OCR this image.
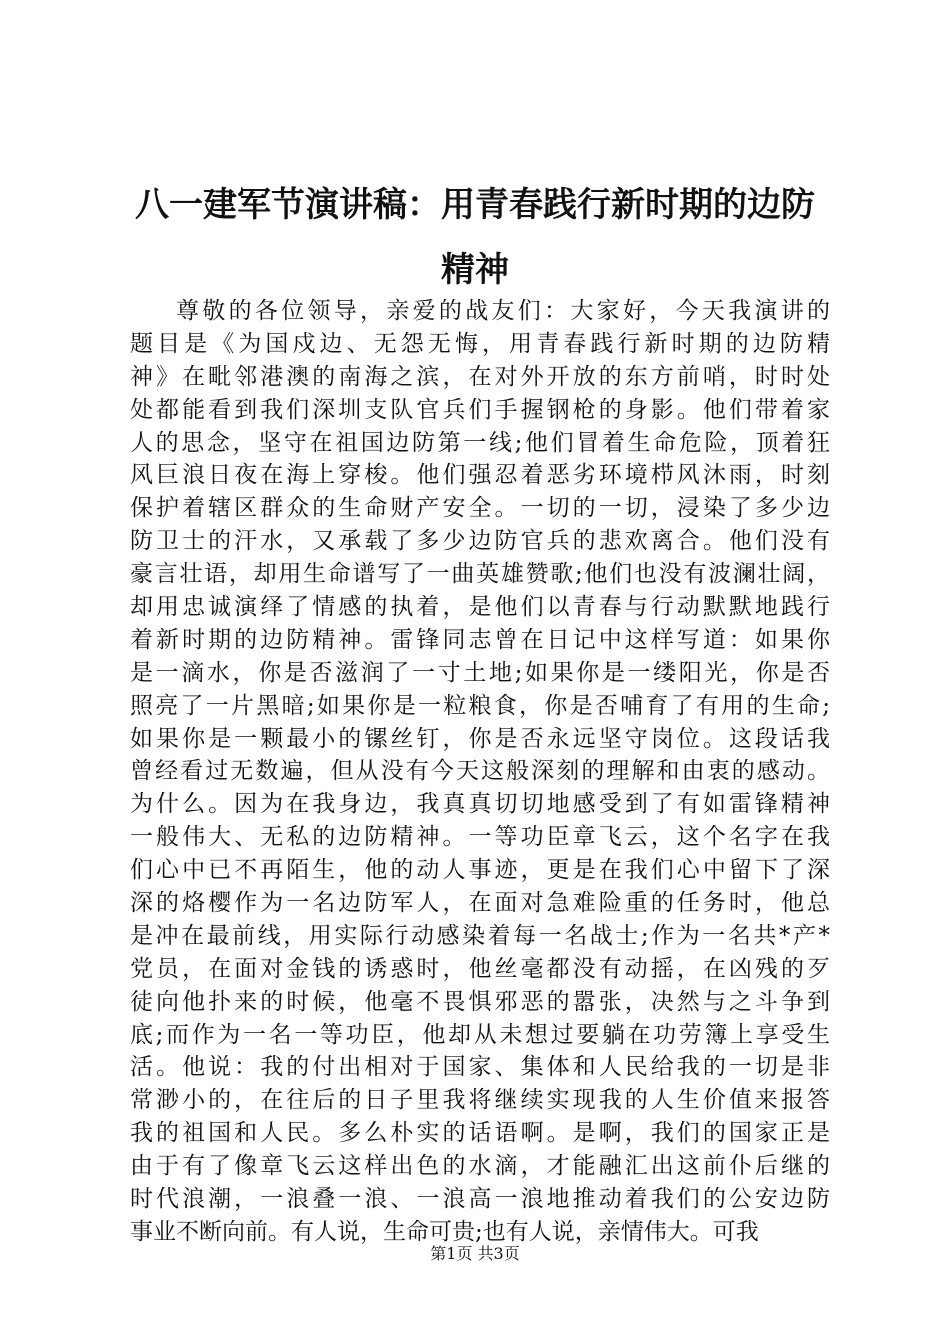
八一建军节演讲稿：用青春践行新时期的边防
精神
尊敬的各位领导，亲爱的战友们：大家好，今天我演讲的
题目是《为国戍边、无怨无悔，用青春践行新时期的边防精
神》在毗邻港澳的南海之滨，在对外开放的东方前哨，时时处
处都能看到我们深圳支队官兵们手握钢枪的身影。他们带着家
人的思念，坚守在祖国边防第一线;他们冒着生命危险，顶着狂
风巨浪日夜在海上穿梭。他们强忍着恶劣环境栉风沐雨，时刻
保护着辖区群众的生命财产安全。一切的一切，浸染了多少边
防卫士的汗水，又承载了多少边防官兵的悲欢离合。他们没有
豪言壮语，却用生命谱写了一曲英雄赞歌;他们也没有波澜壮阔，
却用忠诚演绎了情感的执着，是他们以青春与行动默默地践行
着新时期的边防精神。雷锋同志曾在日记中这样写道：如果你
是一滴水，你是否滋润了一寸土地;如果你是一缕阳光，你是否
照亮了一片黑暗;如果你是一粒粮食，你是否哺育了有用的生命;
如果你是一颗最小的镙丝钉，你是否永远坚守岗位。这段话我
曾经看过无数遍，但从没有今天这般深刻的理解和由衷的感动。
为什么。因为在我身边，我真真切切地感受到了有如雷锋精神
一般伟大、无私的边防精神。一等功臣章飞云，这个名字在我
们心中已不再陌生，他的动人事迹，更是在我们心中留下了深
深的烙樱作为一名边防军人，在面对急难险重的任务时，他总
是冲在最前线，用实际行动感染着每一名战士;作为一名共*产*
党员，在面对金钱的诱惑时，他丝毫都没有动摇，在凶残的歹
徒向他扑来的时候，他毫不畏惧邪恶的嚣张，决然与之斗争到
底;而作为一名一等功臣，他却从未想过要躺在功劳簿上享受生
活。他说：我的付出相对于国家、集体和人民给我的一切是非
常渺小的，在往后的日子里我将继续实现我的人生价值来报答
我的祖国和人民。多么朴实的话语啊。是啊，我们的国家正是
由于有了像章飞云这样出色的水滴，才能融汇出这前仆后继的
时代浪潮，一浪叠一浪、一浪高一浪地推动着我们的公安边防
事业不断向前。有人说，生命可贵;也有人说，亲情伟大。可我
第1页 共3页
